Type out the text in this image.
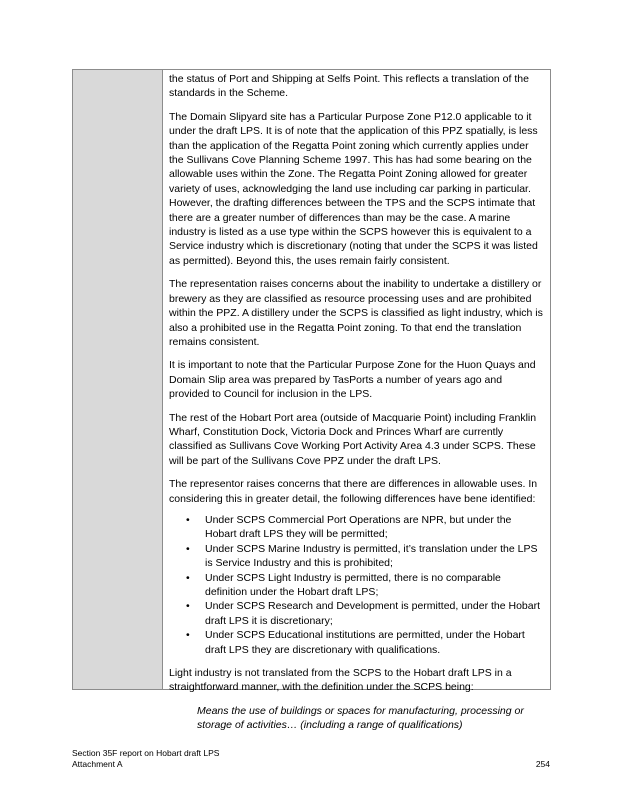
the status of Port and Shipping at Selfs Point. This reflects a translation of the standards in the Scheme.

The Domain Slipyard site has a Particular Purpose Zone P12.0 applicable to it under the draft LPS. It is of note that the application of this PPZ spatially, is less than the application of the Regatta Point zoning which currently applies under the Sullivans Cove Planning Scheme 1997. This has had some bearing on the allowable uses within the Zone. The Regatta Point Zoning allowed for greater variety of uses, acknowledging the land use including car parking in particular. However, the drafting differences between the TPS and the SCPS intimate that there are a greater number of differences than may be the case. A marine industry is listed as a use type within the SCPS however this is equivalent to a Service industry which is discretionary (noting that under the SCPS it was listed as permitted). Beyond this, the uses remain fairly consistent.

The representation raises concerns about the inability to undertake a distillery or brewery as they are classified as resource processing uses and are prohibited within the PPZ. A distillery under the SCPS is classified as light industry, which is also a prohibited use in the Regatta Point zoning. To that end the translation remains consistent.

It is important to note that the Particular Purpose Zone for the Huon Quays and Domain Slip area was prepared by TasPorts a number of years ago and provided to Council for inclusion in the LPS.

The rest of the Hobart Port area (outside of Macquarie Point) including Franklin Wharf, Constitution Dock, Victoria Dock and Princes Wharf are currently classified as Sullivans Cove Working Port Activity Area 4.3 under SCPS. These will be part of the Sullivans Cove PPZ under the draft LPS.

The representor raises concerns that there are differences in allowable uses. In considering this in greater detail, the following differences have bene identified:

• Under SCPS Commercial Port Operations are NPR, but under the Hobart draft LPS they will be permitted;
• Under SCPS Marine Industry is permitted, it’s translation under the LPS is Service Industry and this is prohibited;
• Under SCPS Light Industry is permitted, there is no comparable definition under the Hobart draft LPS;
• Under SCPS Research and Development is permitted, under the Hobart draft LPS it is discretionary;
• Under SCPS Educational institutions are permitted, under the Hobart draft LPS they are discretionary with qualifications.

Light industry is not translated from the SCPS to the Hobart draft LPS in a straightforward manner, with the definition under the SCPS being:

Means the use of buildings or spaces for manufacturing, processing or storage of activities… (including a range of qualifications)

Section 35F report on Hobart draft LPS
Attachment A	254
